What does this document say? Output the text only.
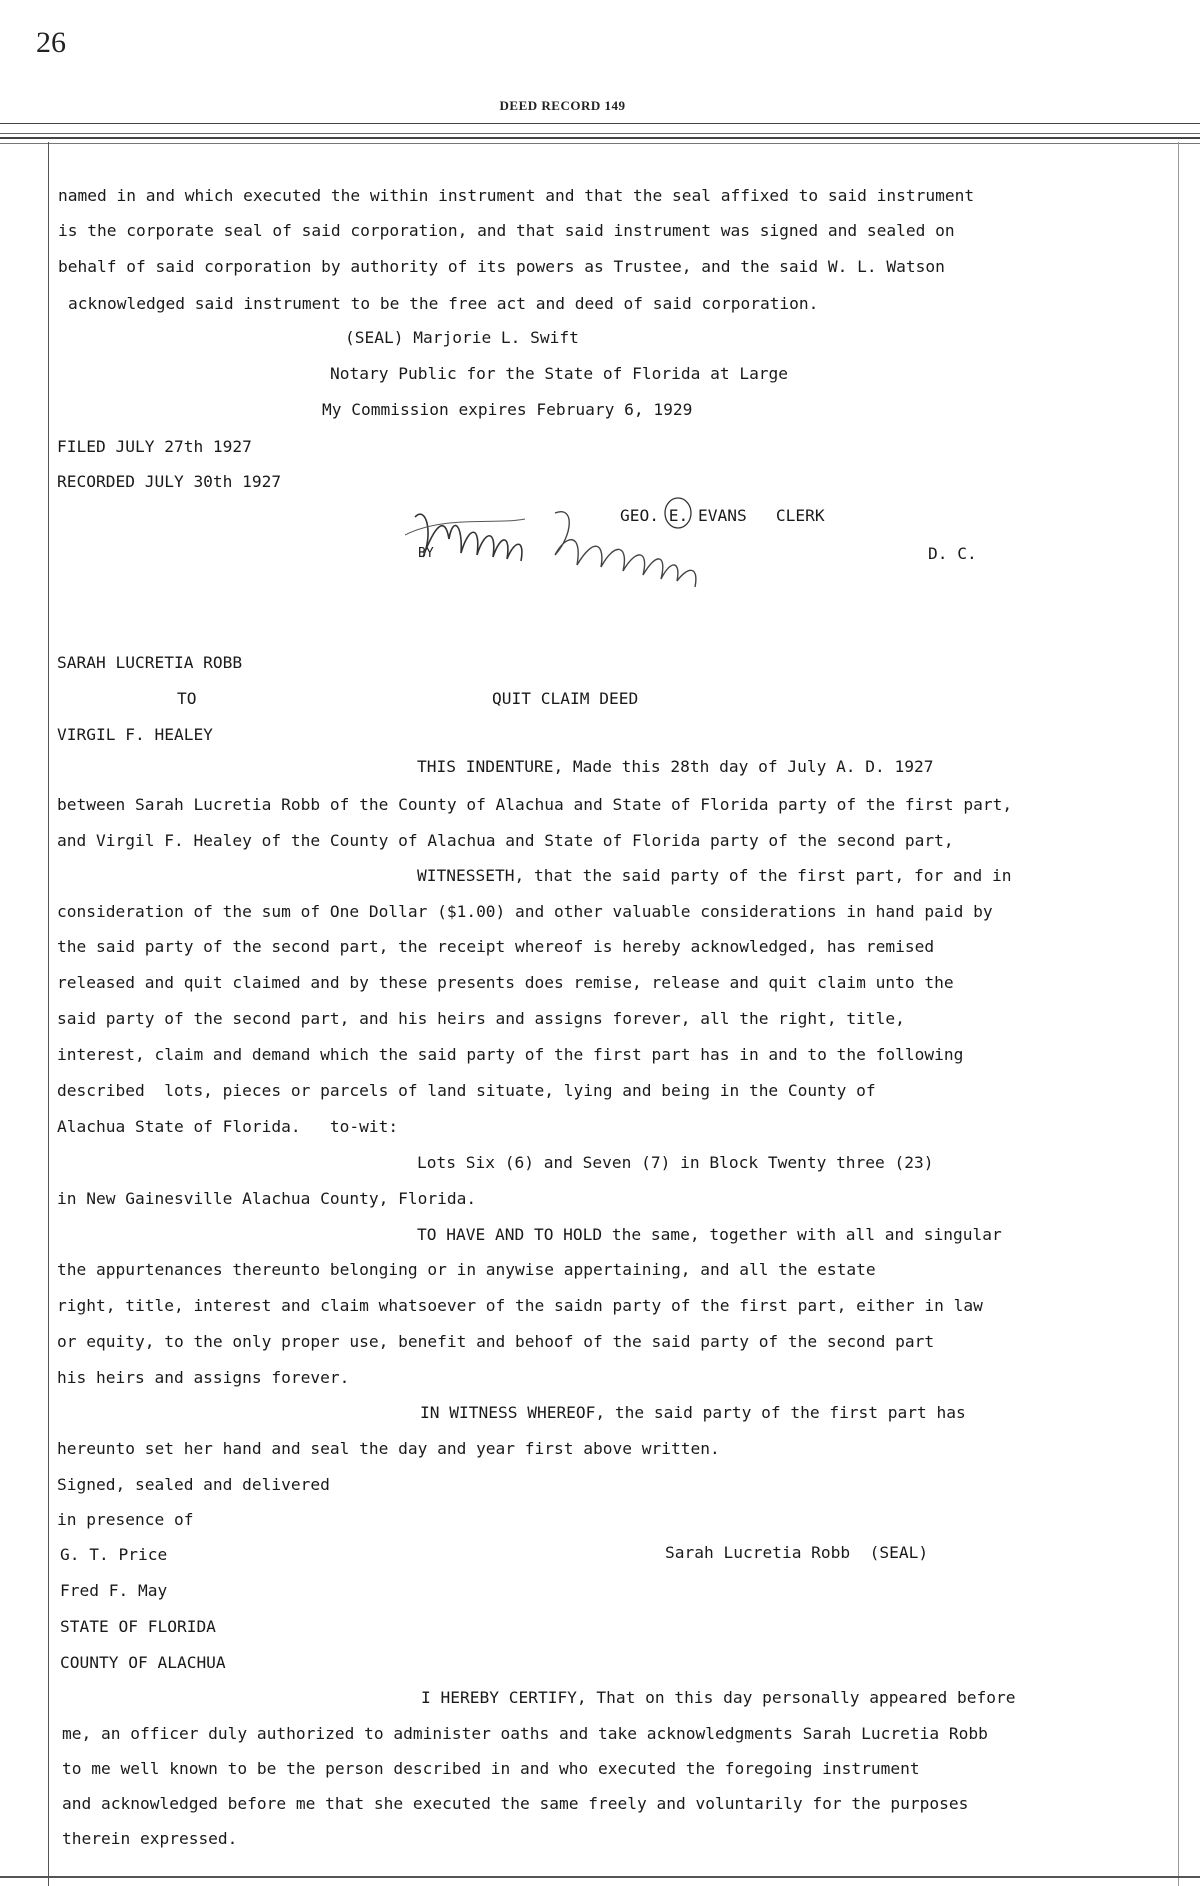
26
DEED RECORD 149
named in and which executed the within instrument and that the seal affixed to said instrument
is the corporate seal of said corporation, and that said instrument was signed and sealed on
behalf of said corporation by authority of its powers as Trustee, and the said W. L. Watson
acknowledged said instrument to be the free act and deed of said corporation.
(SEAL) Marjorie L. Swift
Notary Public for the State of Florida at Large
My Commission expires February 6, 1929
FILED JULY 27th 1927
RECORDED JULY 30th 1927
GEO. E. EVANS   CLERK
BY	D. C.
SARAH LUCRETIA ROBB
TO	QUIT CLAIM DEED
VIRGIL F. HEALEY
THIS INDENTURE, Made this 28th day of July A. D. 1927
between Sarah Lucretia Robb of the County of Alachua and State of Florida party of the first part,
and Virgil F. Healey of the County of Alachua and State of Florida party of the second part,
WITNESSETH, that the said party of the first part, for and in
consideration of the sum of One Dollar ($1.00) and other valuable considerations in hand paid by
the said party of the second part, the receipt whereof is hereby acknowledged, has remised
released and quit claimed and by these presents does remise, release and quit claim unto the
said party of the second part, and his heirs and assigns forever, all the right, title,
interest, claim and demand which the said party of the first part has in and to the following
described  lots, pieces or parcels of land situate, lying and being in the County of
Alachua State of Florida.   to-wit:
Lots Six (6) and Seven (7) in Block Twenty three (23)
in New Gainesville Alachua County, Florida.
TO HAVE AND TO HOLD the same, together with all and singular
the appurtenances thereunto belonging or in anywise appertaining, and all the estate
right, title, interest and claim whatsoever of the saidn party of the first part, either in law
or equity, to the only proper use, benefit and behoof of the said party of the second part
his heirs and assigns forever.
IN WITNESS WHEREOF, the said party of the first part has
hereunto set her hand and seal the day and year first above written.
Signed, sealed and delivered
in presence of
G. T. Price	Sarah Lucretia Robb  (SEAL)
Fred F. May
STATE OF FLORIDA
COUNTY OF ALACHUA
I HEREBY CERTIFY, That on this day personally appeared before
me, an officer duly authorized to administer oaths and take acknowledgments Sarah Lucretia Robb
to me well known to be the person described in and who executed the foregoing instrument
and acknowledged before me that she executed the same freely and voluntarily for the purposes
therein expressed.
